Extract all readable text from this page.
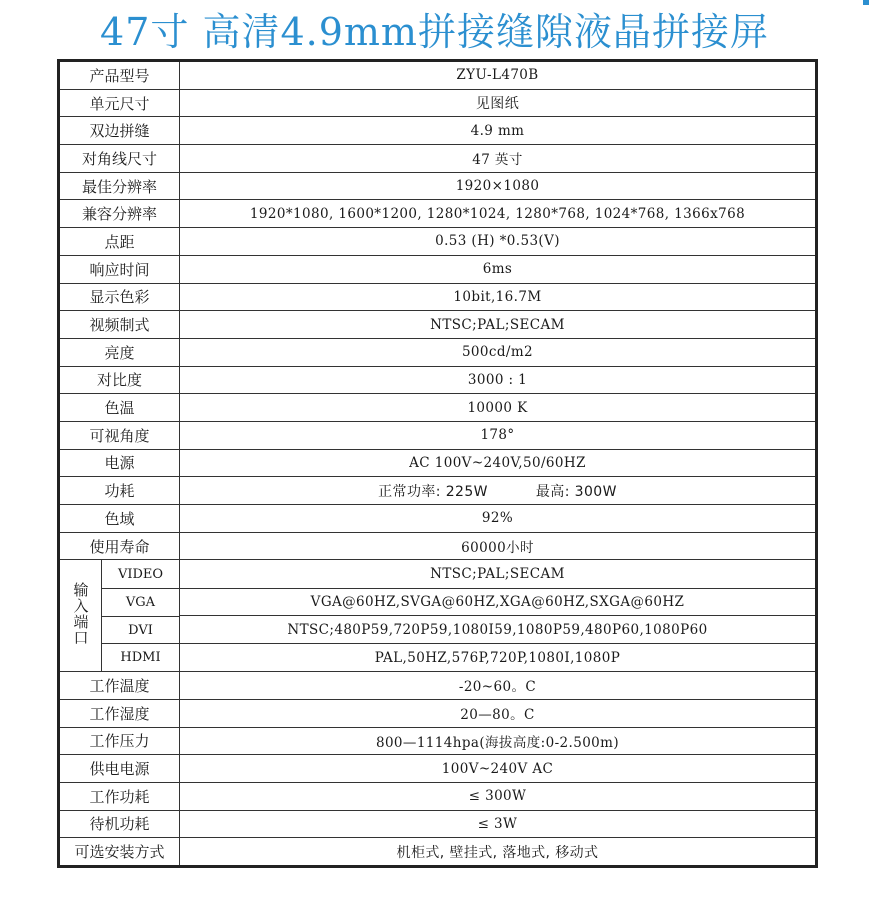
47寸 高清4.9mm拼接缝隙液晶拼接屏
产品型号	ZYU-L470B
单元尺寸	见图纸
双边拼缝	4.9 mm
对角线尺寸	47 英寸
最佳分辨率	1920×1080
兼容分辨率	1920*1080, 1600*1200, 1280*1024, 1280*768, 1024*768, 1366x768
点距	0.53 (H) *0.53(V)
响应时间	6ms
显示色彩	10bit,16.7M
视频制式	NTSC;PAL;SECAM
亮度	500cd/m2
对比度	3000 : 1
色温	10000 K
可视角度	178°
电源	AC 100V~240V,50/60HZ
功耗	正常功率: 225W 最高: 300W
色域	92%
使用寿命	60000小时

输入端口
VIDEO	NTSC;PAL;SECAM

VGA	VGA@60HZ,SVGA@60HZ,XGA@60HZ,SXGA@60HZ

DVI	NTSC;480P59,720P59,1080I59,1080P59,480P60,1080P60

HDMI	PAL,50HZ,576P,720P,1080I,1080P
工作温度	-20~60。C
工作湿度	20—80。C
工作压力	800—1114hpa(海拔高度:0-2.500m)
供电电源	100V~240V AC
工作功耗	≤ 300W
待机功耗	≤ 3W
可选安装方式	机柜式, 壁挂式, 落地式, 移动式
